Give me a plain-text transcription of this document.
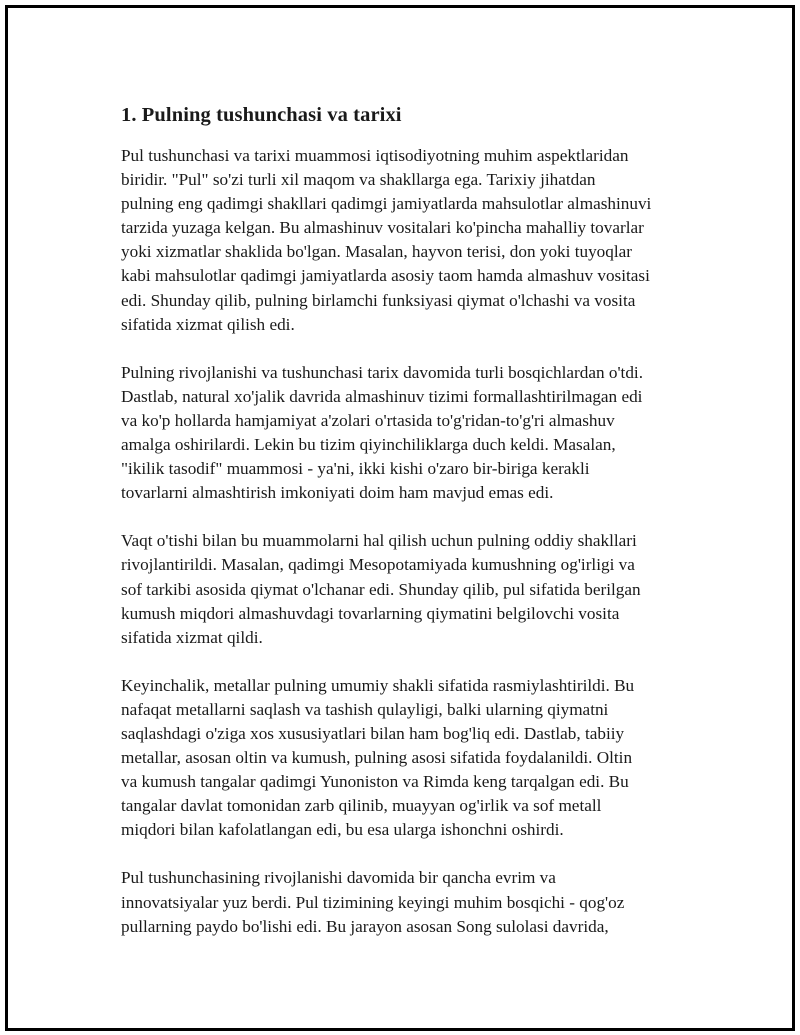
1. Pulning tushunchasi va tarixi

Pul tushunchasi va tarixi muammosi iqtisodiyotning muhim aspektlaridan
biridir. "Pul" so'zi turli xil maqom va shakllarga ega. Tarixiy jihatdan
pulning eng qadimgi shakllari qadimgi jamiyatlarda mahsulotlar almashinuvi
tarzida yuzaga kelgan. Bu almashinuv vositalari ko'pincha mahalliy tovarlar
yoki xizmatlar shaklida bo'lgan. Masalan, hayvon terisi, don yoki tuyoqlar
kabi mahsulotlar qadimgi jamiyatlarda asosiy taom hamda almashuv vositasi
edi. Shunday qilib, pulning birlamchi funksiyasi qiymat o'lchashi va vosita
sifatida xizmat qilish edi.

Pulning rivojlanishi va tushunchasi tarix davomida turli bosqichlardan o'tdi.
Dastlab, natural xo'jalik davrida almashinuv tizimi formallashtirilmagan edi
va ko'p hollarda hamjamiyat a'zolari o'rtasida to'g'ridan-to'g'ri almashuv
amalga oshirilardi. Lekin bu tizim qiyinchiliklarga duch keldi. Masalan,
"ikilik tasodif" muammosi - ya'ni, ikki kishi o'zaro bir-biriga kerakli
tovarlarni almashtirish imkoniyati doim ham mavjud emas edi.

Vaqt o'tishi bilan bu muammolarni hal qilish uchun pulning oddiy shakllari
rivojlantirildi. Masalan, qadimgi Mesopotamiyada kumushning og'irligi va
sof tarkibi asosida qiymat o'lchanar edi. Shunday qilib, pul sifatida berilgan
kumush miqdori almashuvdagi tovarlarning qiymatini belgilovchi vosita
sifatida xizmat qildi.

Keyinchalik, metallar pulning umumiy shakli sifatida rasmiylashtirildi. Bu
nafaqat metallarni saqlash va tashish qulayligi, balki ularning qiymatni
saqlashdagi o'ziga xos xususiyatlari bilan ham bog'liq edi. Dastlab, tabiiy
metallar, asosan oltin va kumush, pulning asosi sifatida foydalanildi. Oltin
va kumush tangalar qadimgi Yunoniston va Rimda keng tarqalgan edi. Bu
tangalar davlat tomonidan zarb qilinib, muayyan og'irlik va sof metall
miqdori bilan kafolatlangan edi, bu esa ularga ishonchni oshirdi.

Pul tushunchasining rivojlanishi davomida bir qancha evrim va
innovatsiyalar yuz berdi. Pul tizimining keyingi muhim bosqichi - qog'oz
pullarning paydo bo'lishi edi. Bu jarayon asosan Song sulolasi davrida,
